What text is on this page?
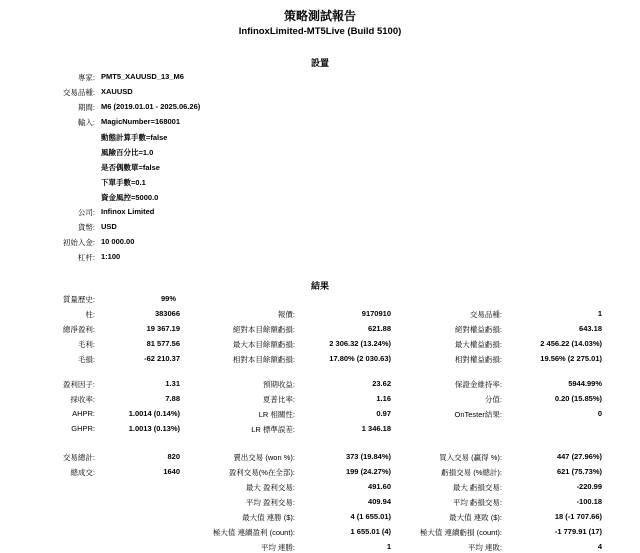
策略測試報告
InfinoxLimited-MT5Live (Build 5100)
設置
專家: PMT5_XAUUSD_13_M6
交易品種: XAUUSD
期間: M6 (2019.01.01 - 2025.06.26)
輸入: MagicNumber=168001
動態計算手數=false
風險百分比=1.0
是否偶數單=false
下單手數=0.1
資金風控=5000.0
公司: Infinox Limited
貨幣: USD
初始入金: 10 000.00
杠杆: 1:100
結果
質量歷史:	99%
柱:	383066	報價:	9170910	交易品種:	1
總淨盈利:	19 367.19	絕對本目餘額虧損:	621.88	絕對權益虧損:	643.18
毛利:	81 577.56	最大本目餘額虧損:	2 306.32 (13.24%)	最大權益虧損:	2 456.22 (14.03%)
毛損:	-62 210.37	相對本目餘額虧損:	17.80% (2 030.63)	相對權益虧損:	19.56% (2 275.01)
盈利因子:	1.31	預期收益:	23.62	保證金維持率:	5944.99%
採收率:	7.88	夏普比率:	1.16	分值:	0.20 (15.85%)
AHPR:	1.0014 (0.14%)	LR 相關性:	0.97	OnTester結果:	0
GHPR:	1.0013 (0.13%)	LR 標準誤差:	1 346.18
交易總計:	820	賣出交易 (won %):	373 (19.84%)	買入交易 (贏得 %):	447 (27.96%)
總成交:	1640	盈利交易(%在全部):	199 (24.27%)	虧損交易 (%總計):	621 (75.73%)
最大 盈利交易:	491.60	最大 虧損交易:	-220.99
平均 盈利交易:	409.94	平均 虧損交易:	-100.18
最大值 連勝 ($):	4 (1 655.01)	最大值 連敗 ($):	18 (-1 707.66)
極大值 連續盈利 (count):	1 655.01 (4)	極大值 連續虧損 (count):	-1 779.91 (17)
平均 連勝:	1	平均 連敗:	4
